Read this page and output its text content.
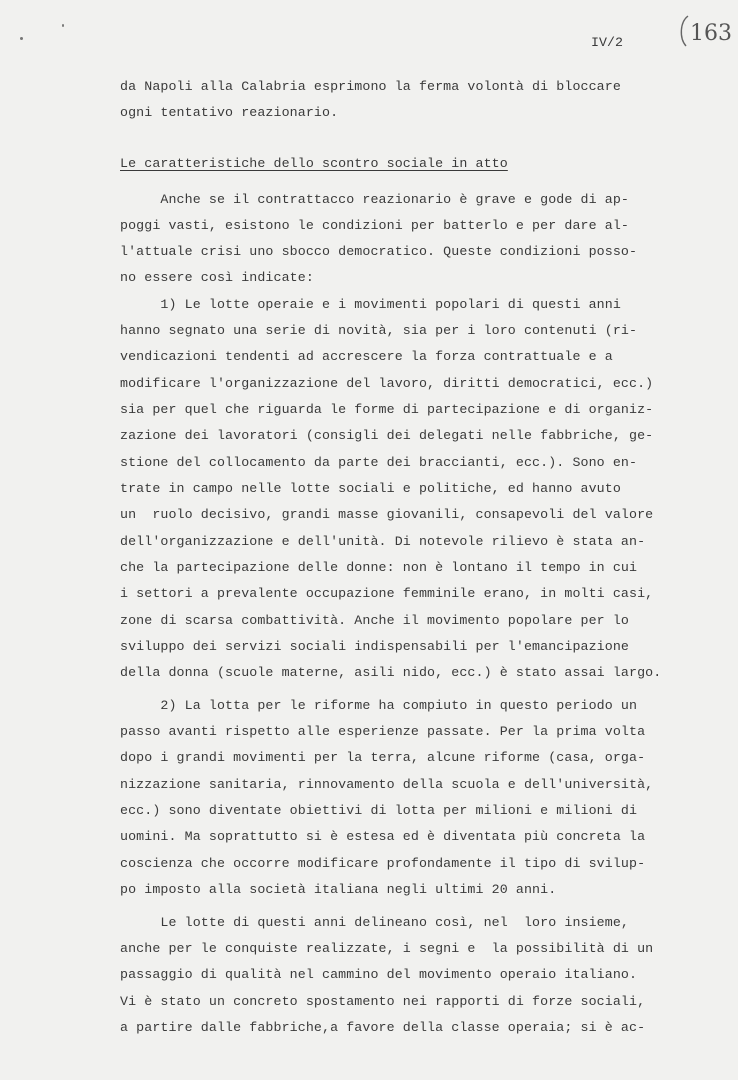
IV/2	163
da Napoli alla Calabria esprimono la ferma volontà di bloccare
ogni tentativo reazionario.
Le caratteristiche dello scontro sociale in atto
Anche se il contrattacco reazionario è grave e gode di ap-
poggi vasti, esistono le condizioni per batterlo e per dare al-
l'attuale crisi uno sbocco democratico. Queste condizioni posso-
no essere così indicate:
1) Le lotte operaie e i movimenti popolari di questi anni
hanno segnato una serie di novità, sia per i loro contenuti (ri-
vendicazioni tendenti ad accrescere la forza contrattuale e a
modificare l'organizzazione del lavoro, diritti democratici, ecc.)
sia per quel che riguarda le forme di partecipazione e di organiz-
zazione dei lavoratori (consigli dei delegati nelle fabbriche, ge-
stione del collocamento da parte dei braccianti, ecc.). Sono en-
trate in campo nelle lotte sociali e politiche, ed hanno avuto
un  ruolo decisivo, grandi masse giovanili, consapevoli del valore
dell'organizzazione e dell'unità. Di notevole rilievo è stata an-
che la partecipazione delle donne: non è lontano il tempo in cui
i settori a prevalente occupazione femminile erano, in molti casi,
zone di scarsa combattività. Anche il movimento popolare per lo
sviluppo dei servizi sociali indispensabili per l'emancipazione
della donna (scuole materne, asili nido, ecc.) è stato assai largo.
2) La lotta per le riforme ha compiuto in questo periodo un
passo avanti rispetto alle esperienze passate. Per la prima volta
dopo i grandi movimenti per la terra, alcune riforme (casa, orga-
nizzazione sanitaria, rinnovamento della scuola e dell'università,
ecc.) sono diventate obiettivi di lotta per milioni e milioni di
uomini. Ma soprattutto si è estesa ed è diventata più concreta la
coscienza che occorre modificare profondamente il tipo di svilup-
po imposto alla società italiana negli ultimi 20 anni.
Le lotte di questi anni delineano così, nel  loro insieme,
anche per le conquiste realizzate, i segni e  la possibilità di un
passaggio di qualità nel cammino del movimento operaio italiano.
Vi è stato un concreto spostamento nei rapporti di forze sociali,
a partire dalle fabbriche,a favore della classe operaia; si è ac-
